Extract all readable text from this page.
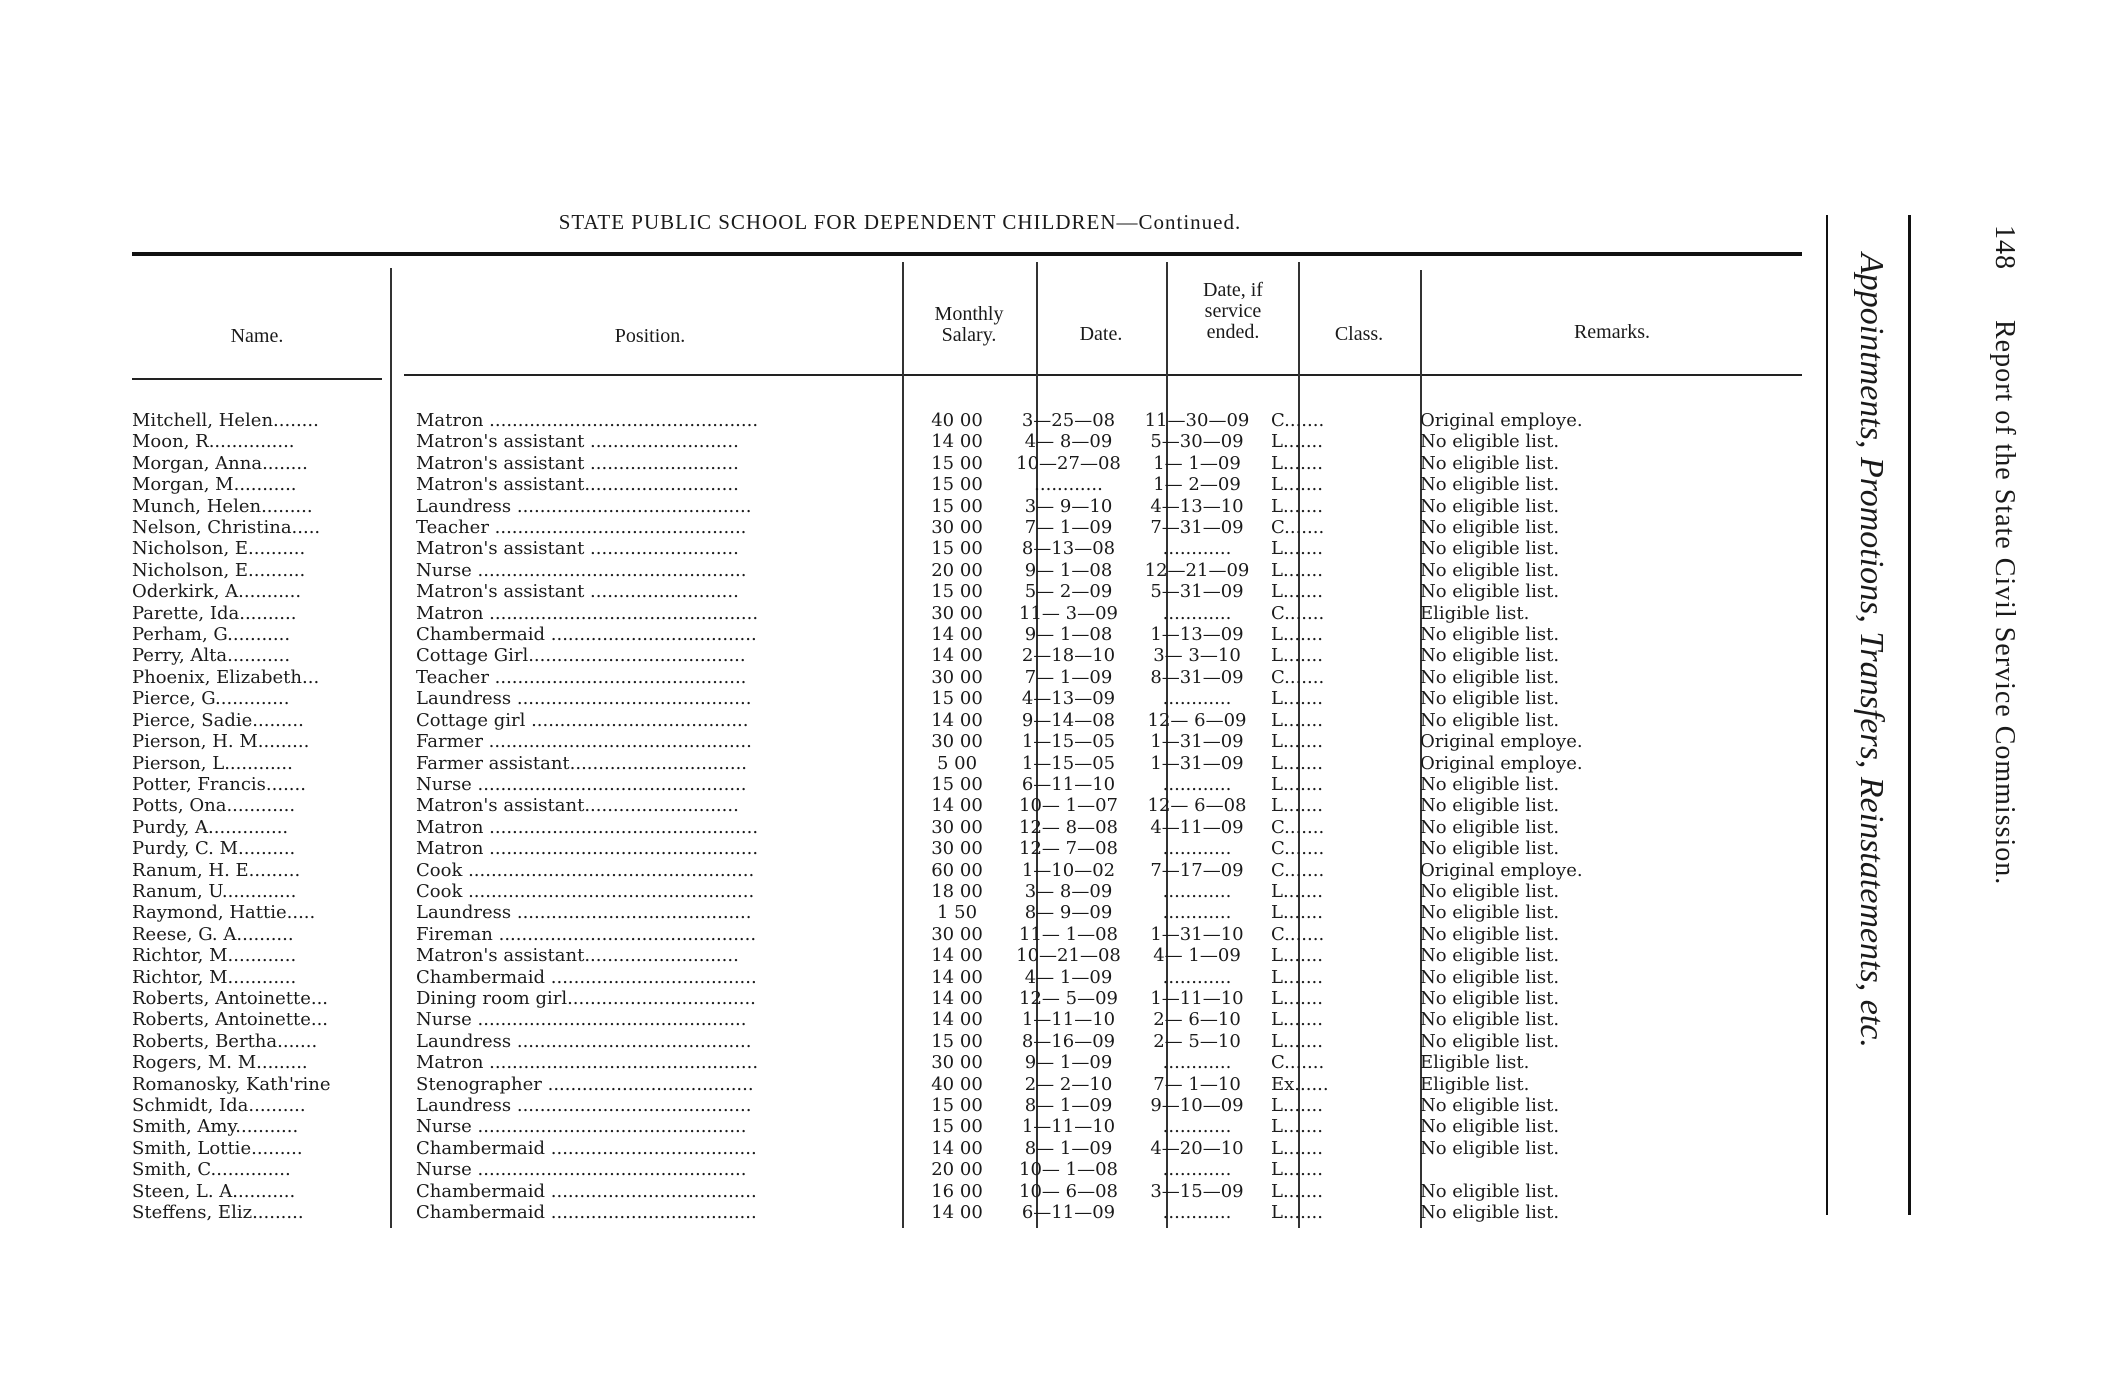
STATE PUBLIC SCHOOL FOR DEPENDENT CHILDREN—Continued.
Name.	Position.
Monthly
Salary.	Date.
Date, if
service
ended.	Class.	Remarks.
Mitchell, Helen........	Matron ...............................................	40 00	3—25—08	11—30—09	C.......	Original employe.
Moon, R...............	Matron's assistant ..........................	14 00	4— 8—09	5—30—09	L.......	No eligible list.
Morgan, Anna........	Matron's assistant ..........................	15 00	10—27—08	1— 1—09	L.......	No eligible list.
Morgan, M...........	Matron's assistant...........................	15 00	............	1— 2—09	L.......	No eligible list.
Munch, Helen.........	Laundress .........................................	15 00	3— 9—10	4—13—10	L.......	No eligible list.
Nelson, Christina.....	Teacher ............................................	30 00	7— 1—09	7—31—09	C.......	No eligible list.
Nicholson, E..........	Matron's assistant ..........................	15 00	8—13—08	............	L.......	No eligible list.
Nicholson, E..........	Nurse ...............................................	20 00	9— 1—08	12—21—09	L.......	No eligible list.
Oderkirk, A...........	Matron's assistant ..........................	15 00	5— 2—09	5—31—09	L.......	No eligible list.
Parette, Ida..........	Matron ...............................................	30 00	11— 3—09	............	C.......	Eligible list.
Perham, G...........	Chambermaid ....................................	14 00	9— 1—08	1—13—09	L.......	No eligible list.
Perry, Alta...........	Cottage Girl......................................	14 00	2—18—10	3— 3—10	L.......	No eligible list.
Phoenix, Elizabeth...	Teacher ............................................	30 00	7— 1—09	8—31—09	C.......	No eligible list.
Pierce, G.............	Laundress .........................................	15 00	4—13—09	............	L.......	No eligible list.
Pierce, Sadie.........	Cottage girl ......................................	14 00	9—14—08	12— 6—09	L.......	No eligible list.
Pierson, H. M.........	Farmer ..............................................	30 00	1—15—05	1—31—09	L.......	Original employe.
Pierson, L............	Farmer assistant...............................	5 00	1—15—05	1—31—09	L.......	Original employe.
Potter, Francis.......	Nurse ...............................................	15 00	6—11—10	............	L.......	No eligible list.
Potts, Ona............	Matron's assistant...........................	14 00	10— 1—07	12— 6—08	L.......	No eligible list.
Purdy, A..............	Matron ...............................................	30 00	12— 8—08	4—11—09	C.......	No eligible list.
Purdy, C. M..........	Matron ...............................................	30 00	12— 7—08	............	C.......	No eligible list.
Ranum, H. E.........	Cook ..................................................	60 00	1—10—02	7—17—09	C.......	Original employe.
Ranum, U.............	Cook ..................................................	18 00	3— 8—09	............	L.......	No eligible list.
Raymond, Hattie.....	Laundress .........................................	1 50	8— 9—09	............	L.......	No eligible list.
Reese, G. A..........	Fireman .............................................	30 00	11— 1—08	1—31—10	C.......	No eligible list.
Richtor, M............	Matron's assistant...........................	14 00	10—21—08	4— 1—09	L.......	No eligible list.
Richtor, M............	Chambermaid ....................................	14 00	4— 1—09	............	L.......	No eligible list.
Roberts, Antoinette...	Dining room girl.................................	14 00	12— 5—09	1—11—10	L.......	No eligible list.
Roberts, Antoinette...	Nurse ...............................................	14 00	1—11—10	2— 6—10	L.......	No eligible list.
Roberts, Bertha.......	Laundress .........................................	15 00	8—16—09	2— 5—10	L.......	No eligible list.
Rogers, M. M.........	Matron ...............................................	30 00	9— 1—09	............	C.......	Eligible list.
Romanosky, Kath'rine	Stenographer ....................................	40 00	2— 2—10	7— 1—10	Ex......	Eligible list.
Schmidt, Ida..........	Laundress .........................................	15 00	8— 1—09	9—10—09	L.......	No eligible list.
Smith, Amy...........	Nurse ...............................................	15 00	1—11—10	............	L.......	No eligible list.
Smith, Lottie.........	Chambermaid ....................................	14 00	8— 1—09	4—20—10	L.......	No eligible list.
Smith, C..............	Nurse ...............................................	20 00	10— 1—08	............	L.......	
Steen, L. A...........	Chambermaid ....................................	16 00	10— 6—08	3—15—09	L.......	No eligible list.
Steffens, Eliz.........	Chambermaid ....................................	14 00	6—11—09	............	L.......	No eligible list.
Appointments, Promotions, Transfers, Reinstatements, etc.
148Report of the State Civil Service Commission.
